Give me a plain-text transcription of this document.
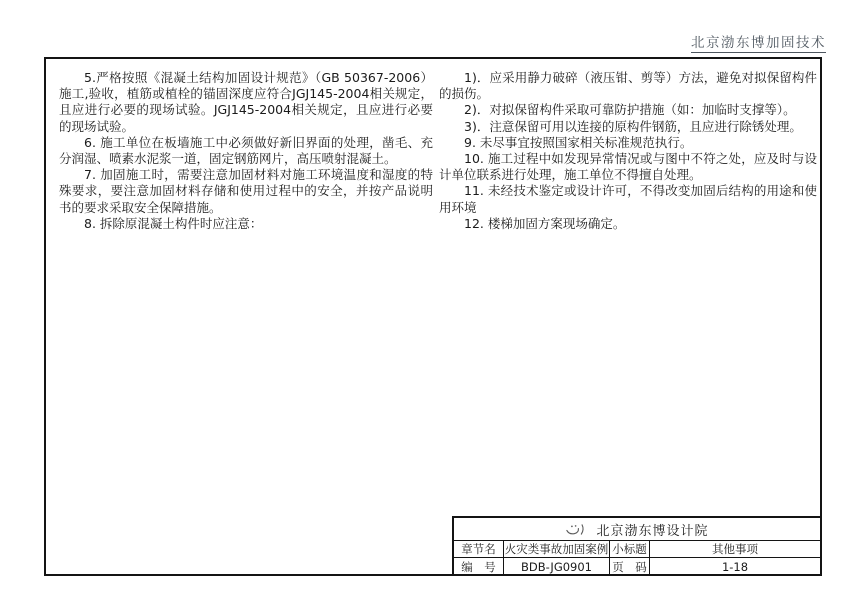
北京渤东博加固技术

5.严格按照《混凝土结构加固设计规范》（GB 50367-2006）施工,验收，植筋或植栓的锚固深度应符合JGJ145-2004相关规定，且应进行必要的现场试验。JGJ145-2004相关规定，且应进行必要的现场试验。

6. 施工单位在板墙施工中必须做好新旧界面的处理，凿毛、充分润湿、喷素水泥浆一道，固定钢筋网片，高压喷射混凝土。

7. 加固施工时，需要注意加固材料对施工环境温度和湿度的特殊要求，要注意加固材料存储和使用过程中的安全，并按产品说明书的要求采取安全保障措施。

8. 拆除原混凝土构件时应注意：

1)．应采用静力破碎（液压钳、剪等）方法，避免对拟保留构件的损伤。

2)．对拟保留构件采取可靠防护措施（如：加临时支撑等）。

3)．注意保留可用以连接的原构件钢筋，且应进行除锈处理。

9. 未尽事宜按照国家相关标准规范执行。

10. 施工过程中如发现异常情况或与图中不符之处，应及时与设计单位联系进行处理，施工单位不得擅自处理。

11. 未经技术鉴定或设计许可，不得改变加固后结构的用途和使用环境

12. 楼梯加固方案现场确定。

北京渤东博设计院
章节名 火灾类事故加固案例 小标题	其他事项
编　号	BDB-JG0901	页　码	1-18
